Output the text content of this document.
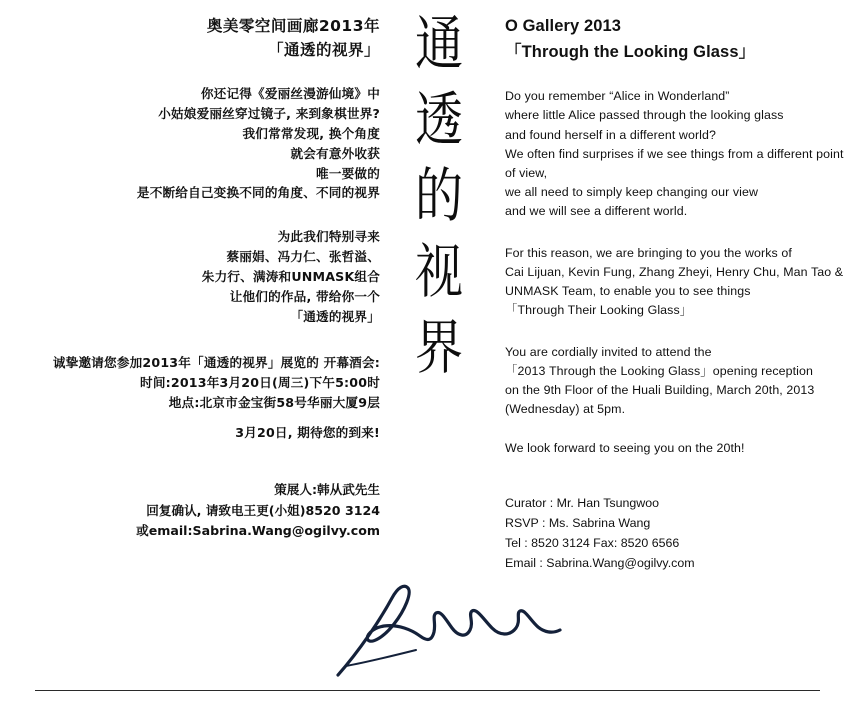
奥美零空间画廊2013年
「通透的视界」
你还记得《爱丽丝漫游仙境》中
小姑娘爱丽丝穿过镜子, 来到象棋世界?
我们常常发现, 换个角度
就会有意外收获
唯一要做的
是不断给自己变换不同的角度、不同的视界
为此我们特别寻来
蔡丽娟、冯力仁、张哲溢、
朱力行、满涛和UNMASK组合
让他们的作品, 带给你一个
「通透的视界」
诚挚邀请您参加2013年「通透的视界」展览的 开幕酒会:
时间:2013年3月20日(周三)下午5:00时
地点:北京市金宝街58号华丽大厦9层
3月20日, 期待您的到来!
策展人:韩从武先生
回复确认, 请致电王更(小姐)8520 3124
或email:Sabrina.Wang@ogilvy.com
通
透
的
视
界
O Gallery 2013
「Through the Looking Glass」
Do you remember “Alice in Wonderland”
where little Alice passed through the looking glass
and found herself in a different world?
We often find surprises if we see things from a different point of view,
we all need to simply keep changing our view
and we will see a different world.
For this reason, we are bringing to you the works of
Cai Lijuan, Kevin Fung, Zhang Zheyi, Henry Chu, Man Tao &
UNMASK Team, to enable you to see things
「Through Their Looking Glass」
You are cordially invited to attend the
「2013 Through the Looking Glass」opening reception
on the 9th Floor of the Huali Building, March 20th, 2013
(Wednesday) at 5pm.
We look forward to seeing you on the 20th!
Curator : Mr. Han Tsungwoo
RSVP : Ms. Sabrina Wang
Tel : 8520 3124 Fax: 8520 6566
Email : Sabrina.Wang@ogilvy.com
